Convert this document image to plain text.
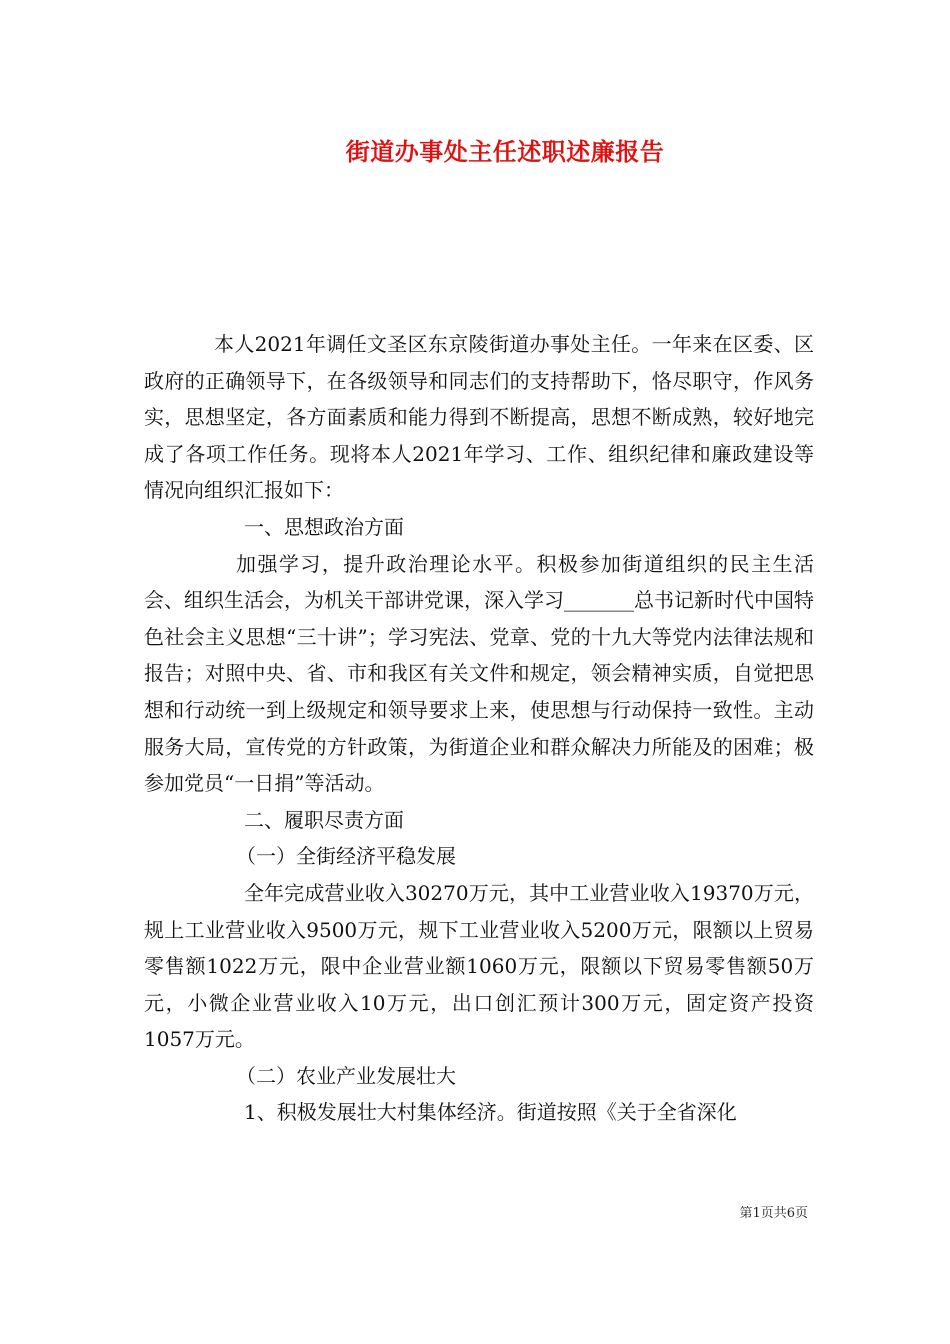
街道办事处主任述职述廉报告

本人2021年调任文圣区东京陵街道办事处主任。一年来在区委、区政府的正确领导下，在各级领导和同志们的支持帮助下，恪尽职守，作风务实，思想坚定，各方面素质和能力得到不断提高，思想不断成熟，较好地完成了各项工作任务。现将本人2021年学习、工作、组织纪律和廉政建设等情况向组织汇报如下：

一、思想政治方面

加强学习，提升政治理论水平。积极参加街道组织的民主生活会、组织生活会，为机关干部讲党课，深入学习_______总书记新时代中国特色社会主义思想“三十讲”；学习宪法、党章、党的十九大等党内法律法规和报告；对照中央、省、市和我区有关文件和规定，领会精神实质，自觉把思想和行动统一到上级规定和领导要求上来，使思想与行动保持一致性。主动服务大局，宣传党的方针政策，为街道企业和群众解决力所能及的困难；极参加党员“一日捐”等活动。

二、履职尽责方面

（一）全街经济平稳发展

全年完成营业收入30270万元，其中工业营业收入19370万元，规上工业营业收入9500万元，规下工业营业收入5200万元，限额以上贸易零售额1022万元，限中企业营业额1060万元，限额以下贸易零售额50万元，小微企业营业收入10万元，出口创汇预计300万元，固定资产投资1057万元。

（二）农业产业发展壮大

1、积极发展壮大村集体经济。街道按照《关于全省深化

第1页共6页
